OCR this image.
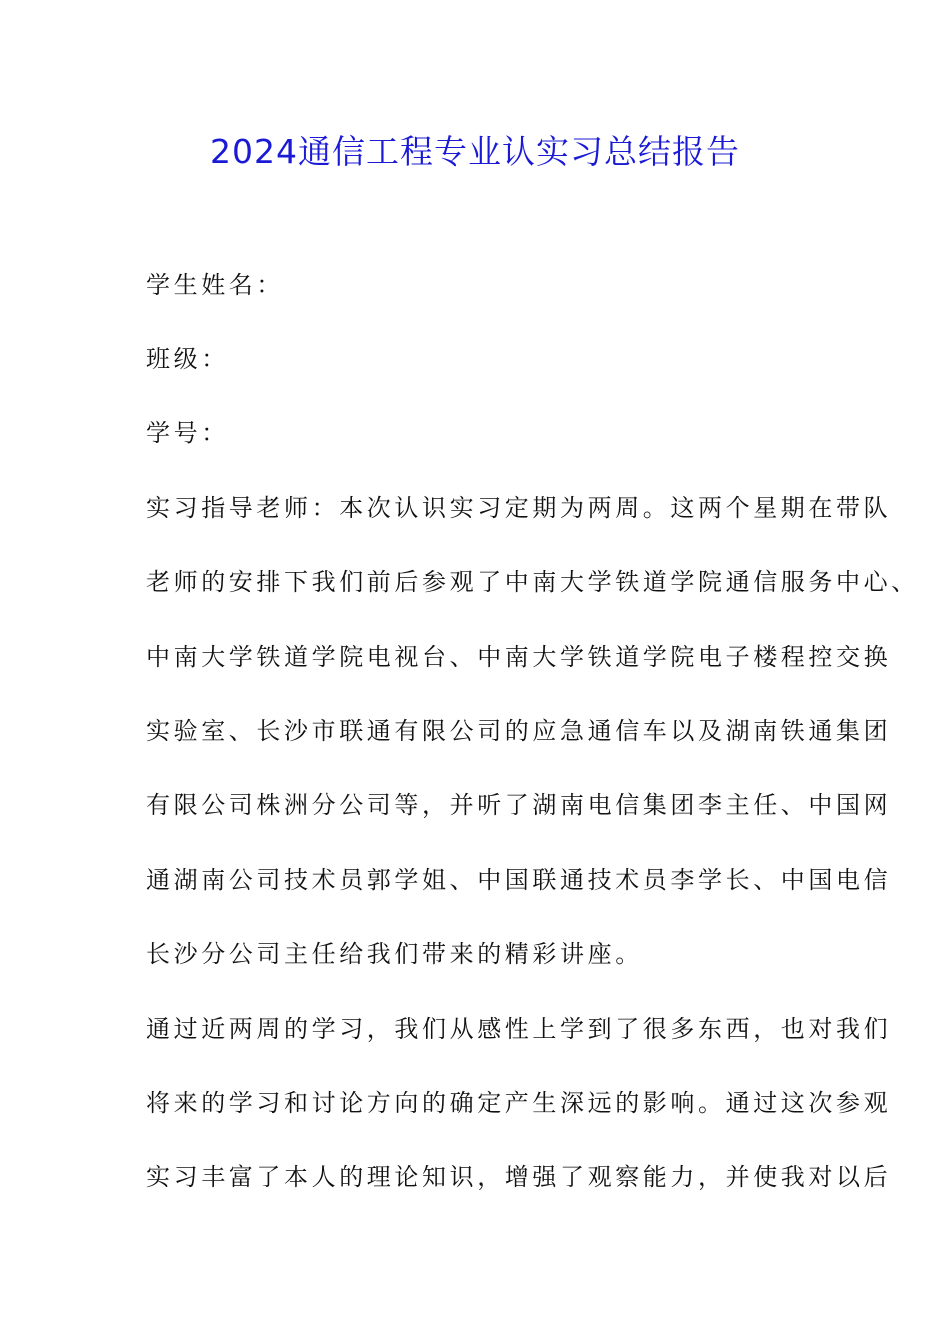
2024通信工程专业认实习总结报告
学生姓名：
班级：
学号：
实习指导老师：本次认识实习定期为两周。这两个星期在带队
老师的安排下我们前后参观了中南大学铁道学院通信服务中心、
中南大学铁道学院电视台、中南大学铁道学院电子楼程控交换
实验室、长沙市联通有限公司的应急通信车以及湖南铁通集团
有限公司株洲分公司等，并听了湖南电信集团李主任、中国网
通湖南公司技术员郭学姐、中国联通技术员李学长、中国电信
长沙分公司主任给我们带来的精彩讲座。
通过近两周的学习，我们从感性上学到了很多东西，也对我们
将来的学习和讨论方向的确定产生深远的影响。通过这次参观
实习丰富了本人的理论知识，增强了观察能力，并使我对以后
